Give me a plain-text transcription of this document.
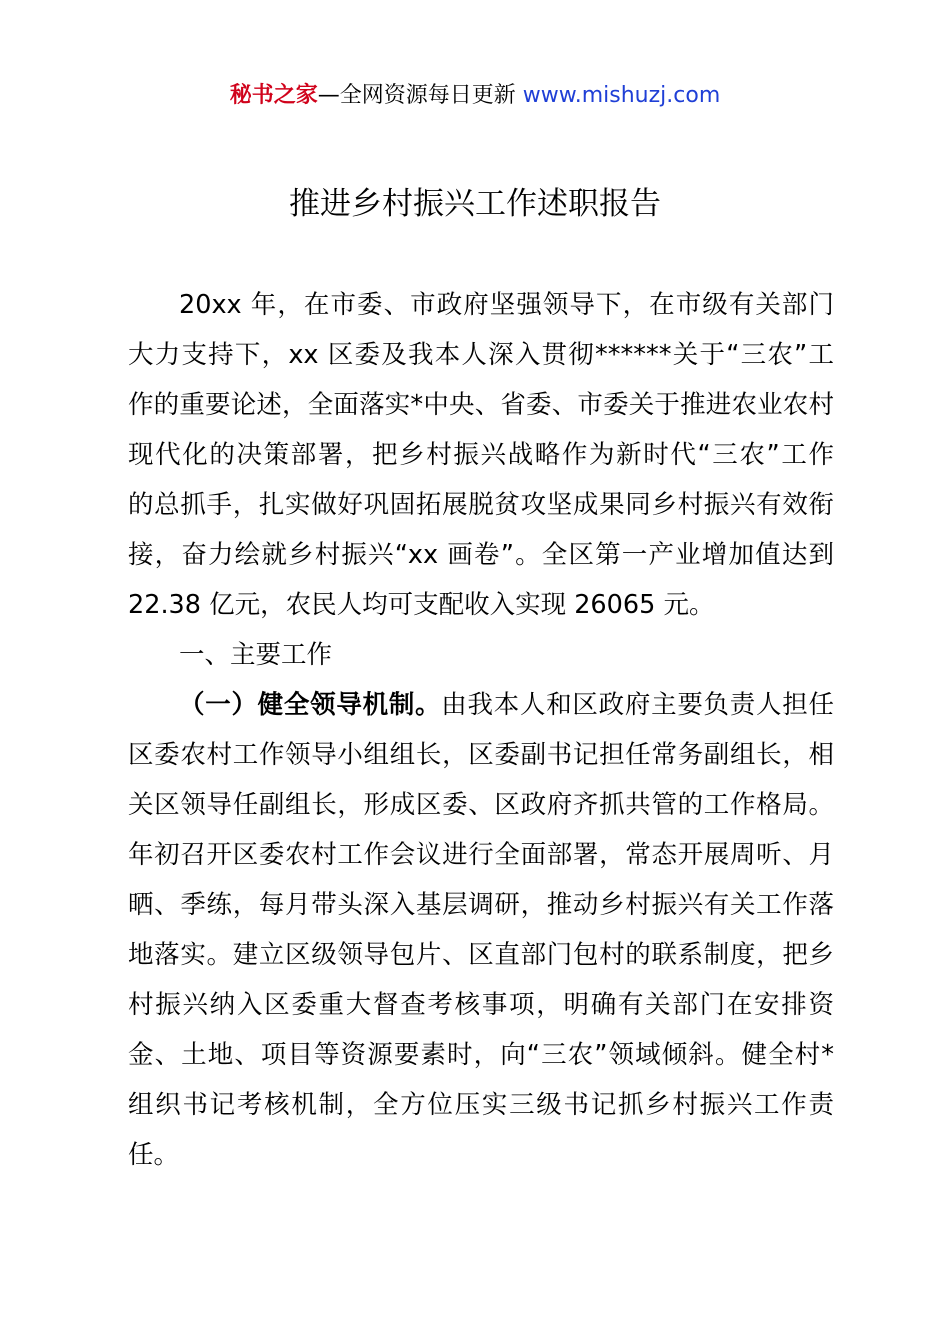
秘书之家—全网资源每日更新 www.mishuzj.com
推进乡村振兴工作述职报告
20xx 年，在市委、市政府坚强领导下，在市级有关部门
大力支持下，xx 区委及我本人深入贯彻******关于“三农”工
作的重要论述，全面落实*中央、省委、市委关于推进农业农村
现代化的决策部署，把乡村振兴战略作为新时代“三农”工作
的总抓手，扎实做好巩固拓展脱贫攻坚成果同乡村振兴有效衔
接，奋力绘就乡村振兴“xx 画卷”。全区第一产业增加值达到
22.38 亿元，农民人均可支配收入实现 26065 元。
一、主要工作
（一）健全领导机制。由我本人和区政府主要负责人担任
区委农村工作领导小组组长，区委副书记担任常务副组长，相
关区领导任副组长，形成区委、区政府齐抓共管的工作格局。
年初召开区委农村工作会议进行全面部署，常态开展周听、月
晒、季练，每月带头深入基层调研，推动乡村振兴有关工作落
地落实。建立区级领导包片、区直部门包村的联系制度，把乡
村振兴纳入区委重大督查考核事项，明确有关部门在安排资
金、土地、项目等资源要素时，向“三农”领域倾斜。健全村*
组织书记考核机制，全方位压实三级书记抓乡村振兴工作责
任。
